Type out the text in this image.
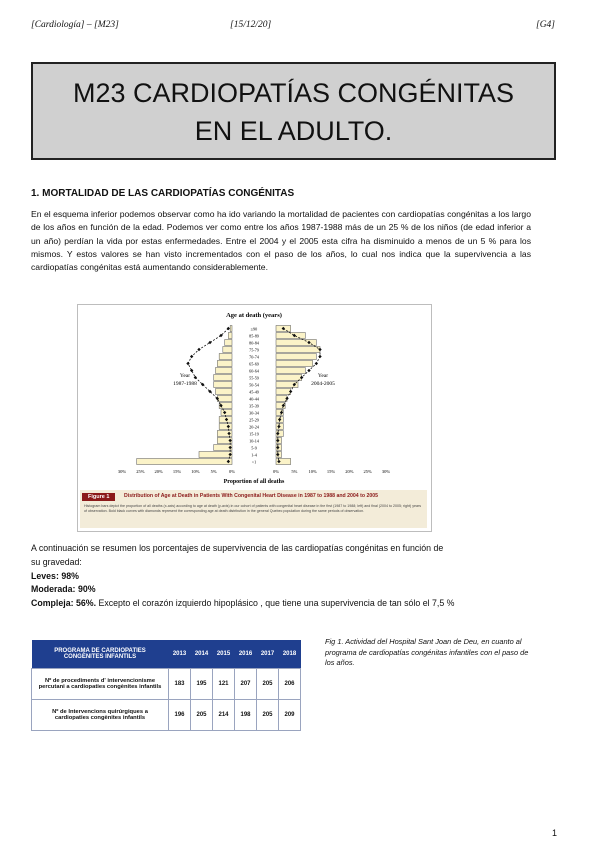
[Cardiología] – [M23]	[15/12/20]	[G4]
M23 CARDIOPATÍAS CONGÉNITAS
EN EL ADULTO.
1. MORTALIDAD DE LAS CARDIOPATÍAS CONGÉNITAS
En el esquema inferior podemos observar como ha ido variando la mortalidad de pacientes con cardiopatías congénitas a los largo de los años en función de la edad. Podemos ver como entre los años 1987-1988 más de un 25 % de los niños (de edad inferior a un año) perdían la vida por estas enfermedades. Entre el 2004 y el 2005 esta cifra ha disminuido a menos de un 5 % para los mismos. Y estos valores se han visto incrementados con el paso de los años, lo cual nos indica que la supervivencia a las cardiopatías congénitas está aumentando considerablemente.
Age at death (years)
Year
1987-1988
Year
2004-2005
Proportion of all deaths
≥90
85-89
80-84
75-79
70-74
65-69
60-64
55-59
50-54
45-49
40-44
35-39
30-34
25-29
20-24
15-19
10-14
5-9
1-4
<1
30% 25% 20% 15% 10% 5%	0%	0%	5% 10% 15% 20% 25% 30%
Figure 1	Distribution of Age at Death in Patients With Congenital Heart Disease in 1987 to 1988 and 2004 to 2005
Histogram bars depict the proportion of all deaths (x-axis) according to age at death (y-axis) in our cohort of patients with congenital heart disease in the first (1987 to 1988; left) and final (2004 to 2005; right) years of observation. Bold black curves with diamonds represent the corresponding age at death distribution in the general Quebec population during the same periods of observation.
A continuación se resumen los porcentajes de supervivencia de las cardiopatías congénitas en función de
su gravedad:
Leves: 98%
Moderada: 90%
Compleja: 56%. Excepto el corazón izquierdo hipoplásico , que tiene una supervivencia de tan sólo el 7,5 %
PROGRAMA DE CARDIOPATIES CONGÈNITES INFANTILS	2013	2014	2015	2016	2017	2018
Nº de procediments d' intervencionisme percutani a cardiopaties congènites infantils	183	195	121	207	205	206
Nº de Intervencions quirúrgiques a cardiopaties congènites infantils	196	205	214	198	205	209
Fig 1. Actividad del Hospital Sant Joan de Deu, en cuanto al programa de cardiopatías congénitas infantiles con el paso de los años.
1
